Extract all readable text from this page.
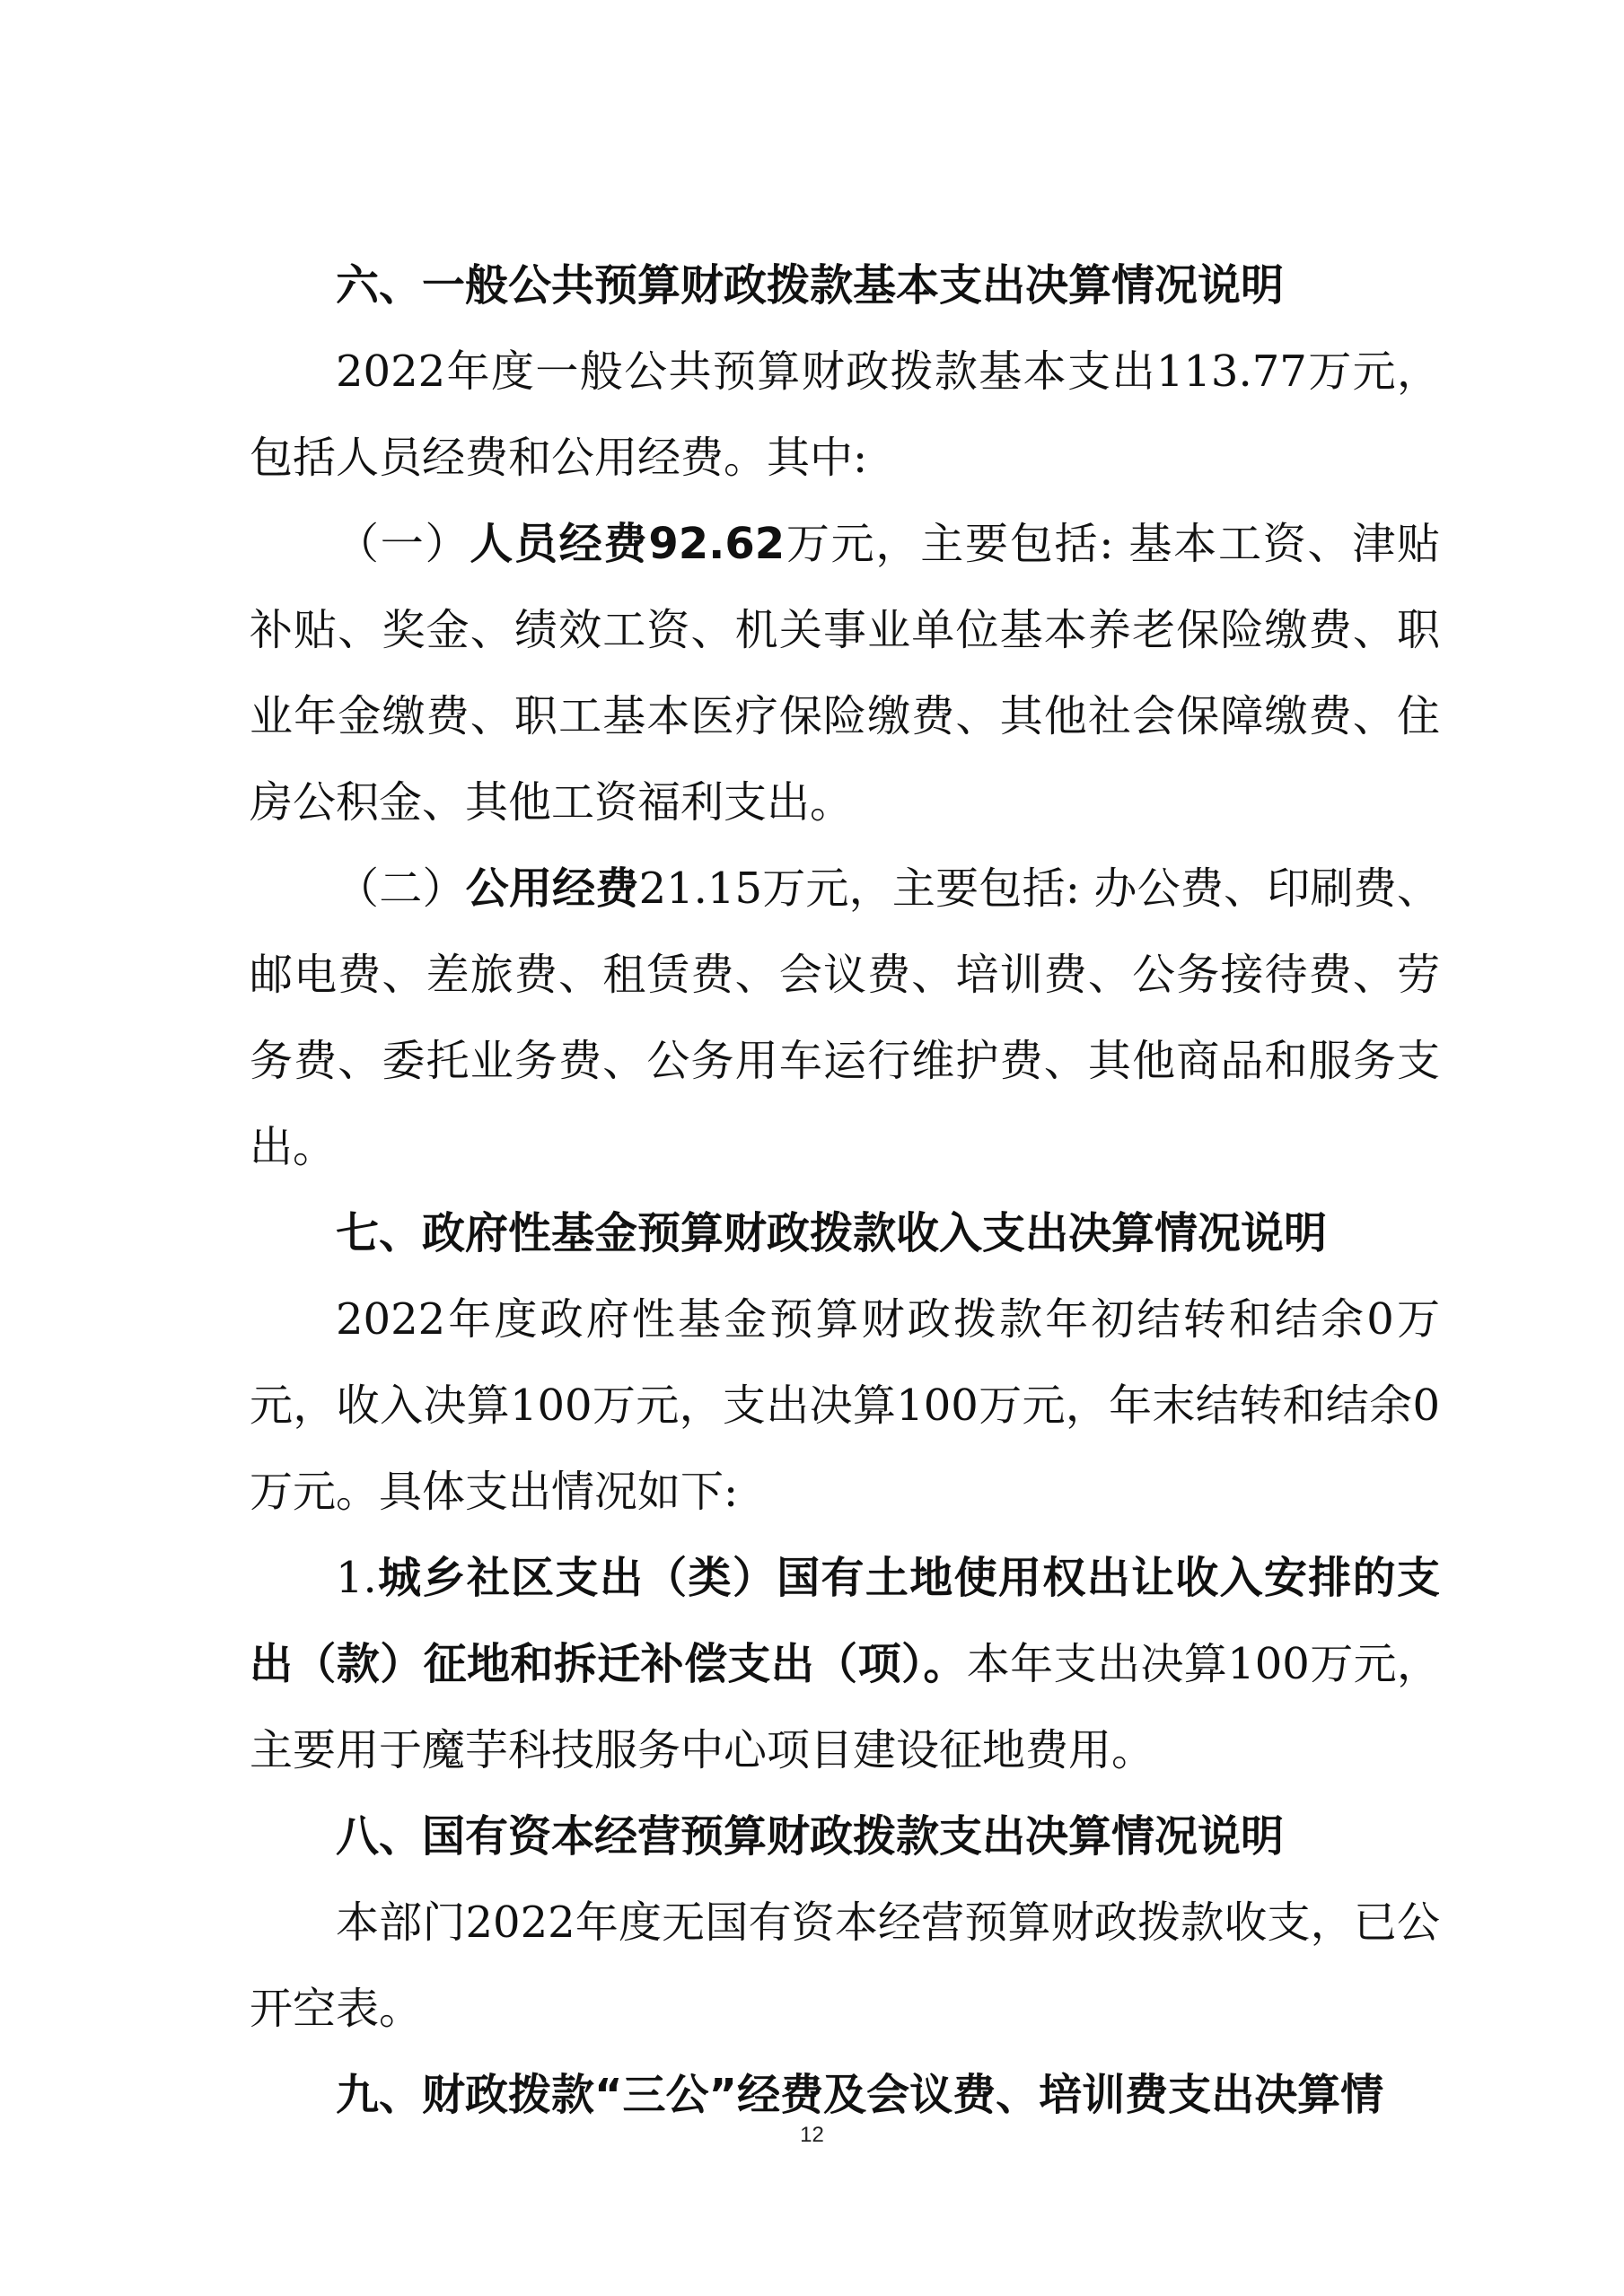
六、一般公共预算财政拨款基本支出决算情况说明

2022年度一般公共预算财政拨款基本支出113.77万元，包括人员经费和公用经费。其中:

（一）人员经费92.62万元，主要包括: 基本工资、津贴补贴、奖金、绩效工资、机关事业单位基本养老保险缴费、职业年金缴费、职工基本医疗保险缴费、其他社会保障缴费、住房公积金、其他工资福利支出。

（二）公用经费21.15万元，主要包括: 办公费、印刷费、邮电费、差旅费、租赁费、会议费、培训费、公务接待费、劳务费、委托业务费、公务用车运行维护费、其他商品和服务支出。

七、政府性基金预算财政拨款收入支出决算情况说明

2022年度政府性基金预算财政拨款年初结转和结余0万元，收入决算100万元，支出决算100万元，年末结转和结余0万元。具体支出情况如下:

1.城乡社区支出（类）国有土地使用权出让收入安排的支出（款）征地和拆迁补偿支出（项）。本年支出决算100万元，主要用于魔芋科技服务中心项目建设征地费用。

八、国有资本经营预算财政拨款支出决算情况说明

本部门2022年度无国有资本经营预算财政拨款收支，已公开空表。

九、财政拨款“三公”经费及会议费、培训费支出决算情
12
